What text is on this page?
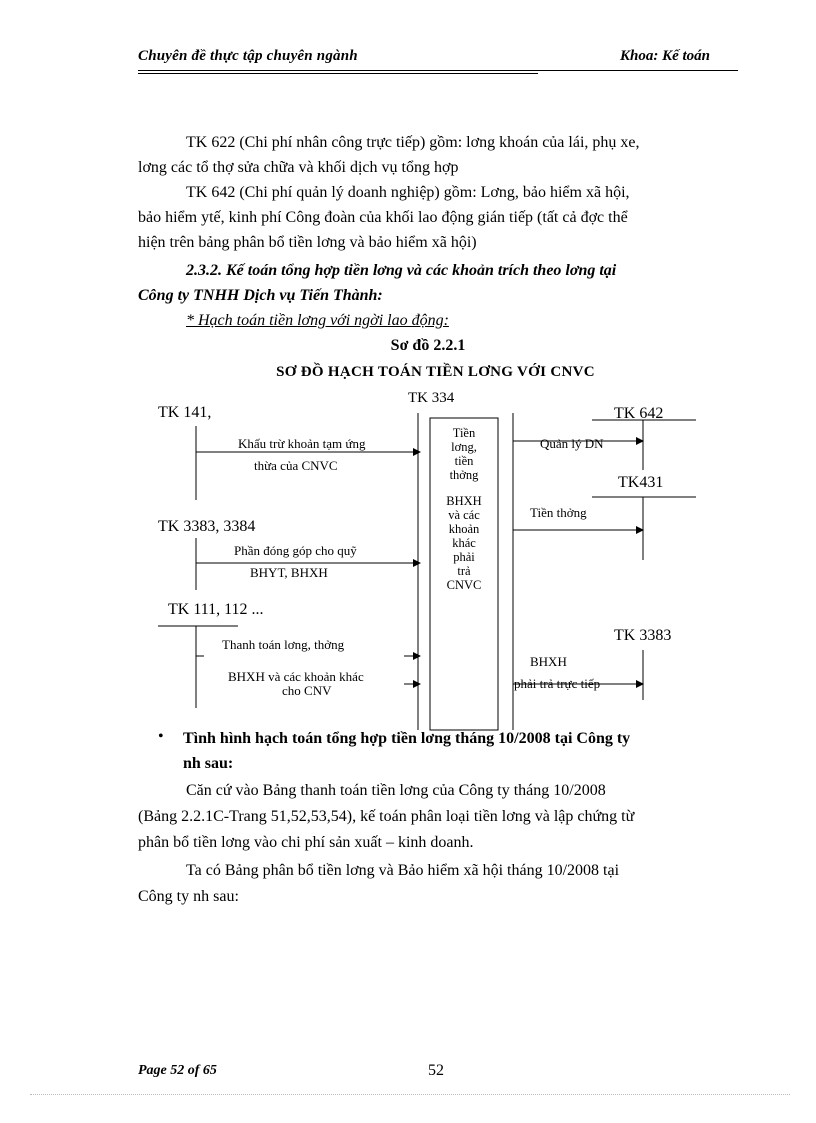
Chuyên đề thực tập chuyên ngành	Khoa: Kế toán
TK 622 (Chi phí nhân công trực tiếp) gồm: lơng khoán của lái, phụ xe,
lơng các tổ thợ sửa chữa và khối dịch vụ tổng hợp
TK 642 (Chi phí quản lý doanh nghiệp) gồm: Lơng, bảo hiểm xã hội,
bảo hiểm ytế, kinh phí Công đoàn của khối lao động gián tiếp (tất cả đợc thể
hiện trên bảng phân bổ tiền lơng và bảo hiểm xã hội)
2.3.2. Kế toán tổng hợp tiền lơng và các khoản trích theo lơng tại
Công ty TNHH Dịch vụ Tiến Thành:
* Hạch toán tiền lơng với ngời lao động:
Sơ đồ 2.2.1
SƠ ĐỒ HẠCH TOÁN TIỀN LƠNG VỚI CNVC
TK 141,
TK 334
TK 642
TK431
TK 3383, 3384
TK 111, 112 ...
TK 3383
Khấu trừ khoản tạm ứng
thừa của CNVC
Phần đóng góp cho quỹ
BHYT, BHXH
Thanh toán lơng, thởng
BHXH và các khoản khác
cho CNV
Quản lý DN
Tiền thởng
BHXH
phải trả trực tiếp
Tiền
lơng,
tiền
thởng
BHXH
và các
khoản
khác
phải
trả
CNVC
• Tình hình hạch toán tổng hợp tiền lơng tháng 10/2008 tại Công ty
nh sau:
Căn cứ vào Bảng thanh toán tiền lơng của Công ty tháng 10/2008
(Bảng 2.2.1C-Trang 51,52,53,54), kế toán phân loại tiền lơng và lập chứng từ
phân bổ tiền lơng vào chi phí sản xuất – kinh doanh.
Ta có Bảng phân bổ tiền lơng và Bảo hiểm xã hội tháng 10/2008 tại
Công ty nh sau:
Page 52 of 65	52
